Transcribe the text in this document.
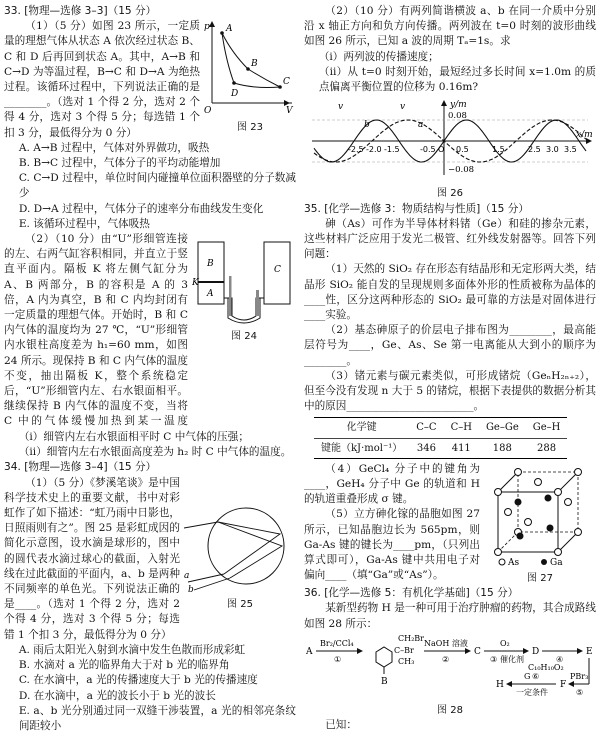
33. [物理—选修 3–3]（15 分）
（1）（5 分）如图 23 所示，一定质量的理想气体从状态 A 依次经过状态 B、C 和 D 后再回到状态 A。其中，A→B 和 C→D 为等温过程，B→C 和 D→A 为绝热过程。该循环过程中，下列说法正确的是________。（选对 1 个得 2 分，选对 2 个得 4 分，选对 3 个得 5 分；每选错 1 个扣 3 分，最低得分为 0 分）
p
V
O
A
B
C
D
图 23
A. A→B 过程中，气体对外界做功，吸热
B. B→C 过程中，气体分子的平均动能增加
C. C→D 过程中，单位时间内碰撞单位面积器壁的分子数减少
D. D→A 过程中，气体分子的速率分布曲线发生变化
E. 该循环过程中，气体吸热
（2）（10 分）由“U”形细管连接的左、右两气缸容积相同，并直立于竖直平面内。隔板 K 将左侧气缸分为 A、B 两部分，B 的容积是 A 的 3 倍，A 内为真空，B 和 C 内均封闭有一定质量的理想气体。开始时，B 和 C 内气体的温度均为 27 ℃，“U”形细管内水银柱高度差为 h₁=60 mm，如图 24 所示。现保持 B 和 C 内气体的温度不变，抽出隔板 K，整个系统稳定后，“U”形细管内左、右水银面相平。继续保持 B 内气体的温度不变，当将 C 中的气体缓慢加热到某一温度
B
A
K
C
图 24
（i）细管内左右水银面相平时 C 中气体的压强；
（ii）细管内左右水银面高度差为 h₂ 时 C 中气体的温度。
34. [物理—选修 3–4]（15 分）
（1）（5 分）《梦溪笔谈》是中国科学技术史上的重要文献，书中对彩虹作了如下描述：“虹乃雨中日影也，日照雨则有之”。图 25 是彩虹成因的简化示意图，设水滴是球形的，图中的圆代表水滴过球心的截面，入射光线在过此截面的平面内，a、b 是两种不同频率的单色光。下列说法正确的是____。（选对 1 个得 2 分，选对 2 个得 4 分，选对 3 个得 5 分；每选错 1 个扣 3 分，最低得分为 0 分）
a
b
图 25
A. 雨后太阳光入射到水滴中发生色散而形成彩虹
B. 水滴对 a 光的临界角大于对 b 光的临界角
C. 在水滴中，a 光的传播速度大于 b 光的传播速度
D. 在水滴中，a 光的波长小于 b 光的波长
E. a、b 光分别通过同一双缝干涉装置，a 光的相邻亮条纹间距较小
（2）（10 分）有两列简谐横波 a、b 在同一介质中分别沿 x 轴正方向和负方向传播。两列波在 t=0 时刻的波形曲线如图 26 所示，已知 a 波的周期 Tₐ=1s。求
（i）两列波的传播速度；
（ii）从 t=0 时刻开始，最短经过多长时间 x=1.0m 的质点偏离平衡位置的位移为 0.16m?
y/m
x/m
0.08
−0.08
v	v
b	a
-2.5 -2.0 -1.5	-0.5 O 0.5	1.5	2.5 3.0 3.5
图 26
35. [化学—选修 3：物质结构与性质]（15 分）
砷（As）可作为半导体材料锗（Ge）和硅的掺杂元素，这些材料广泛应用于发光二极管、红外线发射器等。回答下列问题：
（1）天然的 SiO₂ 存在形态有结晶形和无定形两大类，结晶形 SiO₂ 能自发的呈现规则多面体外形的性质被称为晶体的____性，区分这两种形态的 SiO₂ 最可靠的方法是对固体进行____实验。
（2）基态砷原子的价层电子排布图为________，最高能层符号为____，Ge、As、Se 第一电离能从大到小的顺序为________。
（3）锗元素与碳元素类似，可形成锗烷（GeₙH₂ₙ₊₂），但至今没有发现 n 大于 5 的锗烷，根据下表提供的数据分析其中的原因________________________。
化学键	C–C	C–H	Ge–Ge	Ge–H
键能（kJ·mol⁻¹）	346	411	188	288
（4）GeCl₄ 分子中的键角为____，GeH₄ 分子中 Ge 的轨道和 H 的轨道重叠形成 σ 键。
（5）立方砷化镓的晶胞如图 27 所示，已知晶胞边长为 565pm，则 Ga-As 键的键长为____pm，（只列出算式即可），Ga-As 键中共用电子对偏向____（填“Ga”或“As”）。
As	Ga
图 27
36. [化学—选修 5：有机化学基础]（15 分）
某新型药物 H 是一种可用于治疗肿瘤的药物，其合成路线如图 28 所示：
A
Br₂/CCl₄
①
B
CH₂Br
C–Br
CH₃
NaOH 溶液
②
C
O₂
③ 催化剂
D
④
E
C₁₀H₁₀O₂
PBr₃
⑤
F
G ⑥
一定条件
H
图 28
已知：
